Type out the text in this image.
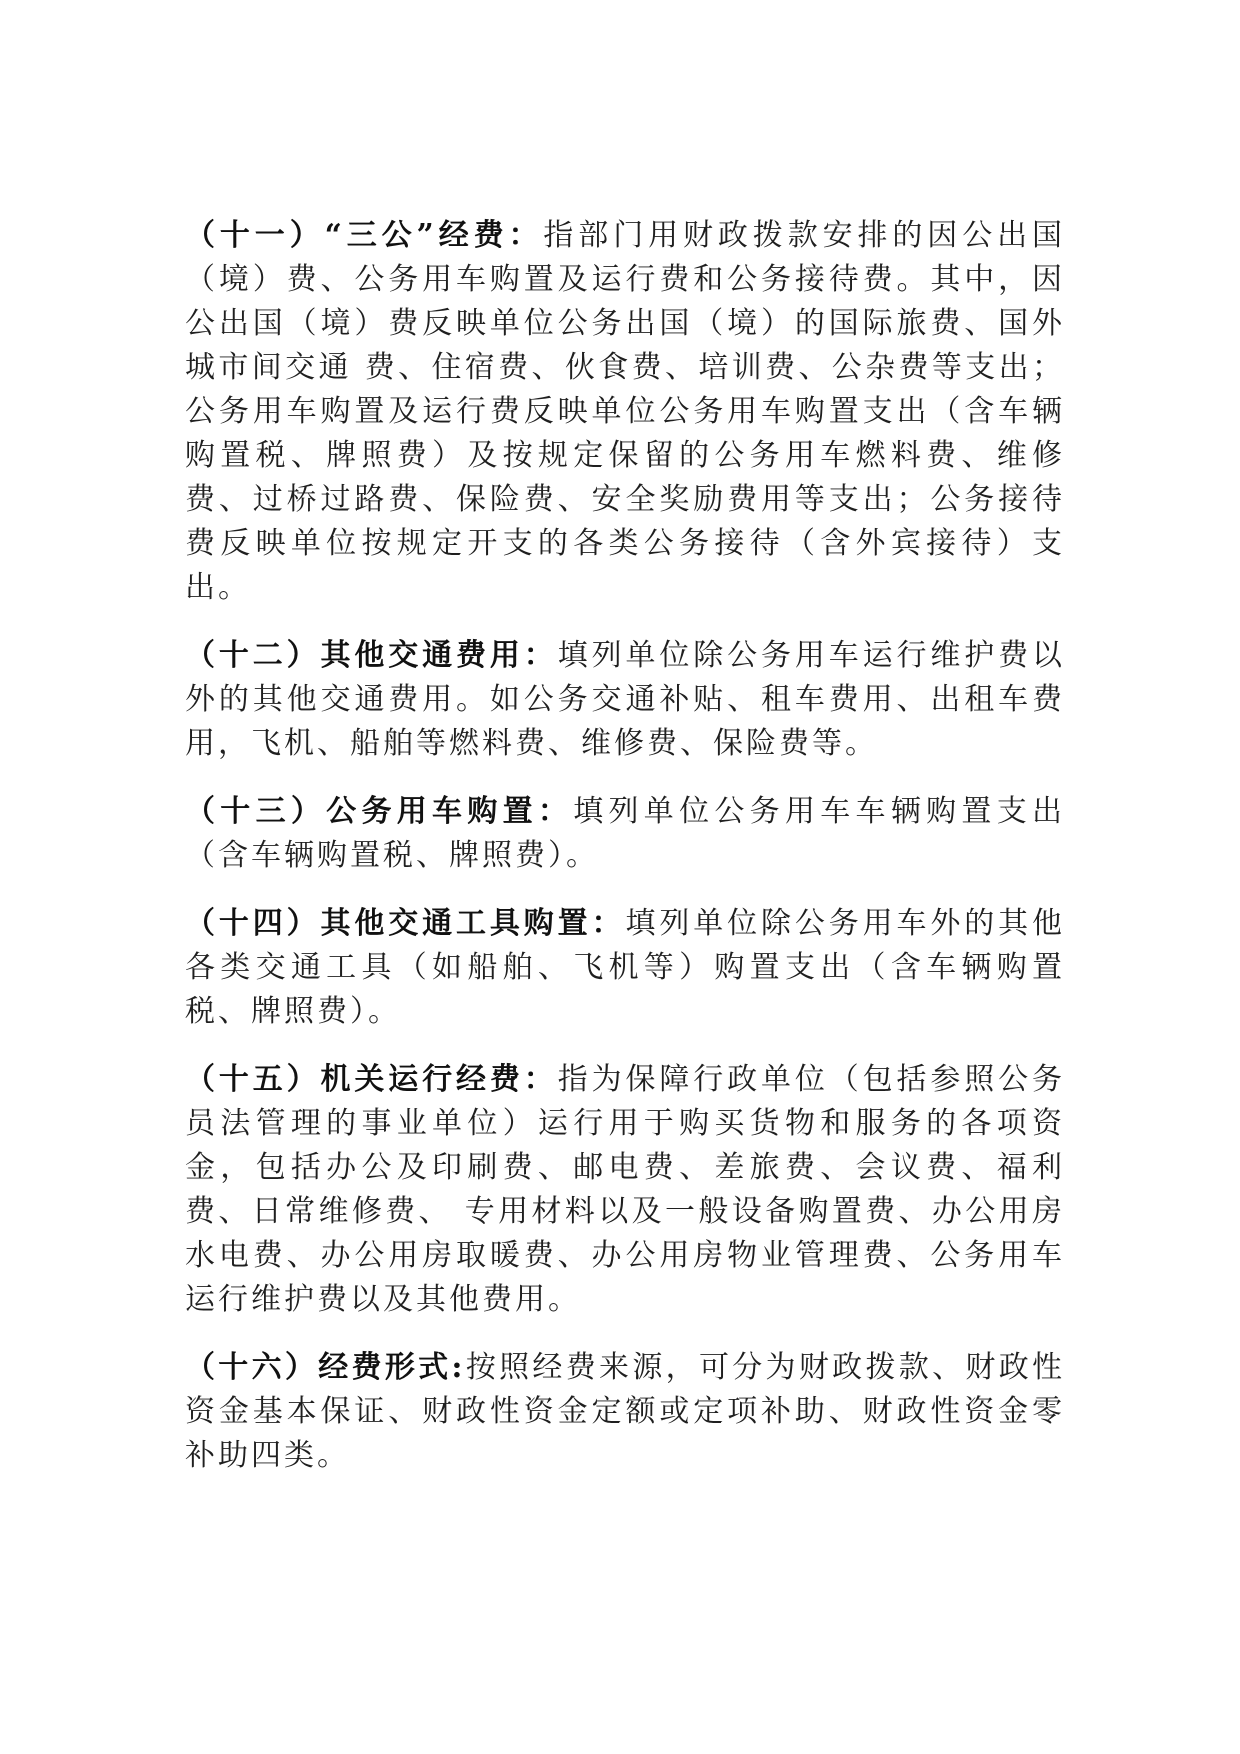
（十一）“三公”经费：指部门用财政拨款安排的因公出国（境）费、公务用车购置及运行费和公务接待费。其中，因公出国（境）费反映单位公务出国（境）的国际旅费、国外城市间交通 费、住宿费、伙食费、培训费、公杂费等支出；公务用车购置及运行费反映单位公务用车购置支出（含车辆购置税、牌照费）及按规定保留的公务用车燃料费、维修 费、过桥过路费、保险费、安全奖励费用等支出；公务接待费反映单位按规定开支的各类公务接待（含外宾接待）支出。

（十二）其他交通费用：填列单位除公务用车运行维护费以外的其他交通费用。如公务交通补贴、租车费用、出租车费用，飞机、船舶等燃料费、维修费、保险费等。

（十三）公务用车购置：填列单位公务用车车辆购置支出（含车辆购置税、牌照费）。

（十四）其他交通工具购置：填列单位除公务用车外的其他各类交通工具（如船舶、飞机等）购置支出（含车辆购置税、牌照费）。

（十五）机关运行经费：指为保障行政单位（包括参照公务员法管理的事业单位）运行用于购买货物和服务的各项资金，包括办公及印刷费、邮电费、差旅费、会议费、福利费、日常维修费、 专用材料以及一般设备购置费、办公用房水电费、办公用房取暖费、办公用房物业管理费、公务用车运行维护费以及其他费用。

（十六）经费形式:按照经费来源，可分为财政拨款、财政性资金基本保证、财政性资金定额或定项补助、财政性资金零补助四类。
